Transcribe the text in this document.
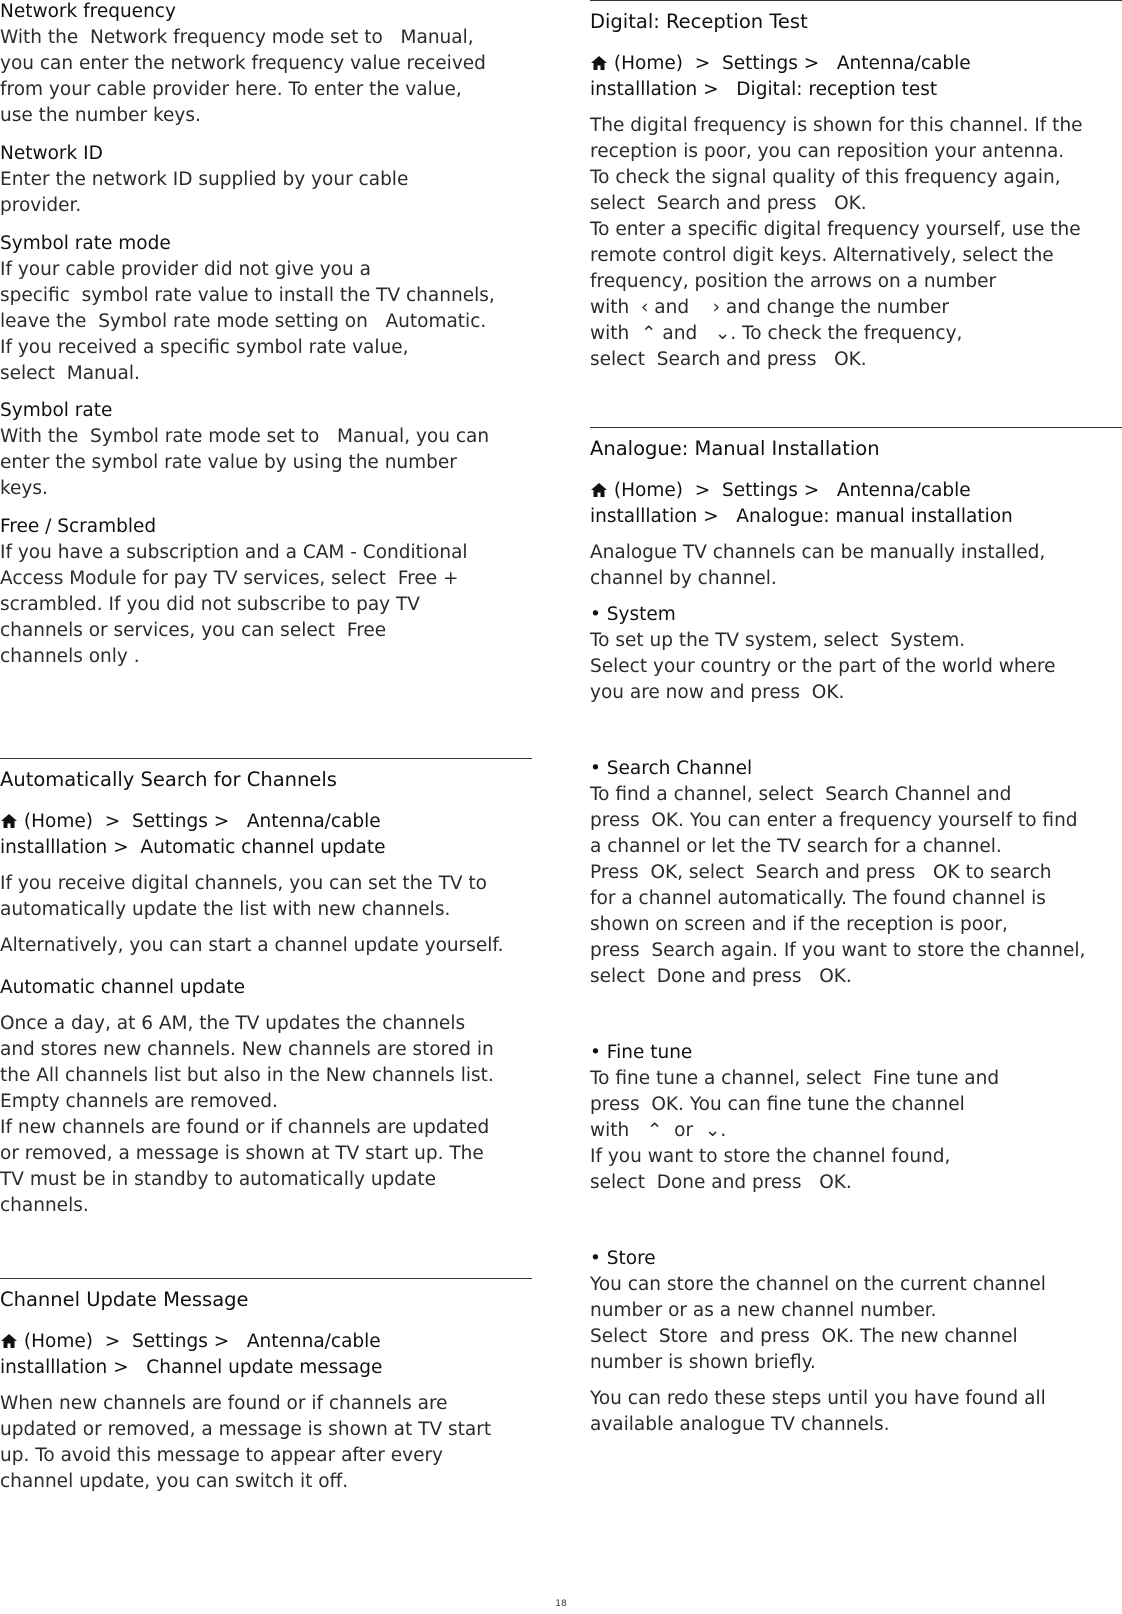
Network frequency

With the  Network frequency mode set to   Manual,

you can enter the network frequency value received

from your cable provider here. To enter the value,

use the number keys.

Network ID

Enter the network ID supplied by your cable

provider.

Symbol rate mode

If your cable provider did not give you a

specific  symbol rate value to install the TV channels,

leave the  Symbol rate mode setting on   Automatic.

If you received a specific symbol rate value,

select  Manual.

Symbol rate

With the  Symbol rate mode set to   Manual, you can

enter the symbol rate value by using the number

keys.

Free / Scrambled

If you have a subscription and a CAM - Conditional

Access Module for pay TV services, select  Free +

scrambled. If you did not subscribe to pay TV

channels or services, you can select  Free

channels only .

Automatically Search for Channels

(Home)  >  Settings >   Antenna/cable

installlation >  Automatic channel update

If you receive digital channels, you can set the TV to

automatically update the list with new channels.

Alternatively, you can start a channel update yourself.

Automatic channel update

Once a day, at 6 AM, the TV updates the channels

and stores new channels. New channels are stored in

the All channels list but also in the New channels list.

Empty channels are removed.

If new channels are found or if channels are updated

or removed, a message is shown at TV start up. The

TV must be in standby to automatically update

channels.

Channel Update Message

(Home)  >  Settings >   Antenna/cable

installlation >   Channel update message

When new channels are found or if channels are

updated or removed, a message is shown at TV start

up. To avoid this message to appear after every

channel update, you can switch it off.

Digital: Reception Test

(Home)  >  Settings >   Antenna/cable

installlation >   Digital: reception test

The digital frequency is shown for this channel. If the

reception is poor, you can reposition your antenna.

To check the signal quality of this frequency again,

select  Search and press   OK.

To enter a specific digital frequency yourself, use the

remote control digit keys. Alternatively, select the

frequency, position the arrows on a number

with  ‹ and    › and change the number

with  ⌃ and   ⌄. To check the frequency,

select  Search and press   OK.

Analogue: Manual Installation

(Home)  >  Settings >   Antenna/cable

installlation >   Analogue: manual installation

Analogue TV channels can be manually installed,

channel by channel.

• System

To set up the TV system, select  System.

Select your country or the part of the world where

you are now and press  OK.

• Search Channel

To find a channel, select  Search Channel and

press  OK. You can enter a frequency yourself to find

a channel or let the TV search for a channel.

Press  OK, select  Search and press   OK to search

for a channel automatically. The found channel is

shown on screen and if the reception is poor,

press  Search again. If you want to store the channel,

select  Done and press   OK.

• Fine tune

To fine tune a channel, select  Fine tune and

press  OK. You can fine tune the channel

with   ⌃  or  ⌄.

If you want to store the channel found,

select  Done and press   OK.

• Store

You can store the channel on the current channel

number or as a new channel number.

Select  Store  and press  OK. The new channel

number is shown briefly.

You can redo these steps until you have found all

available analogue TV channels.

18
